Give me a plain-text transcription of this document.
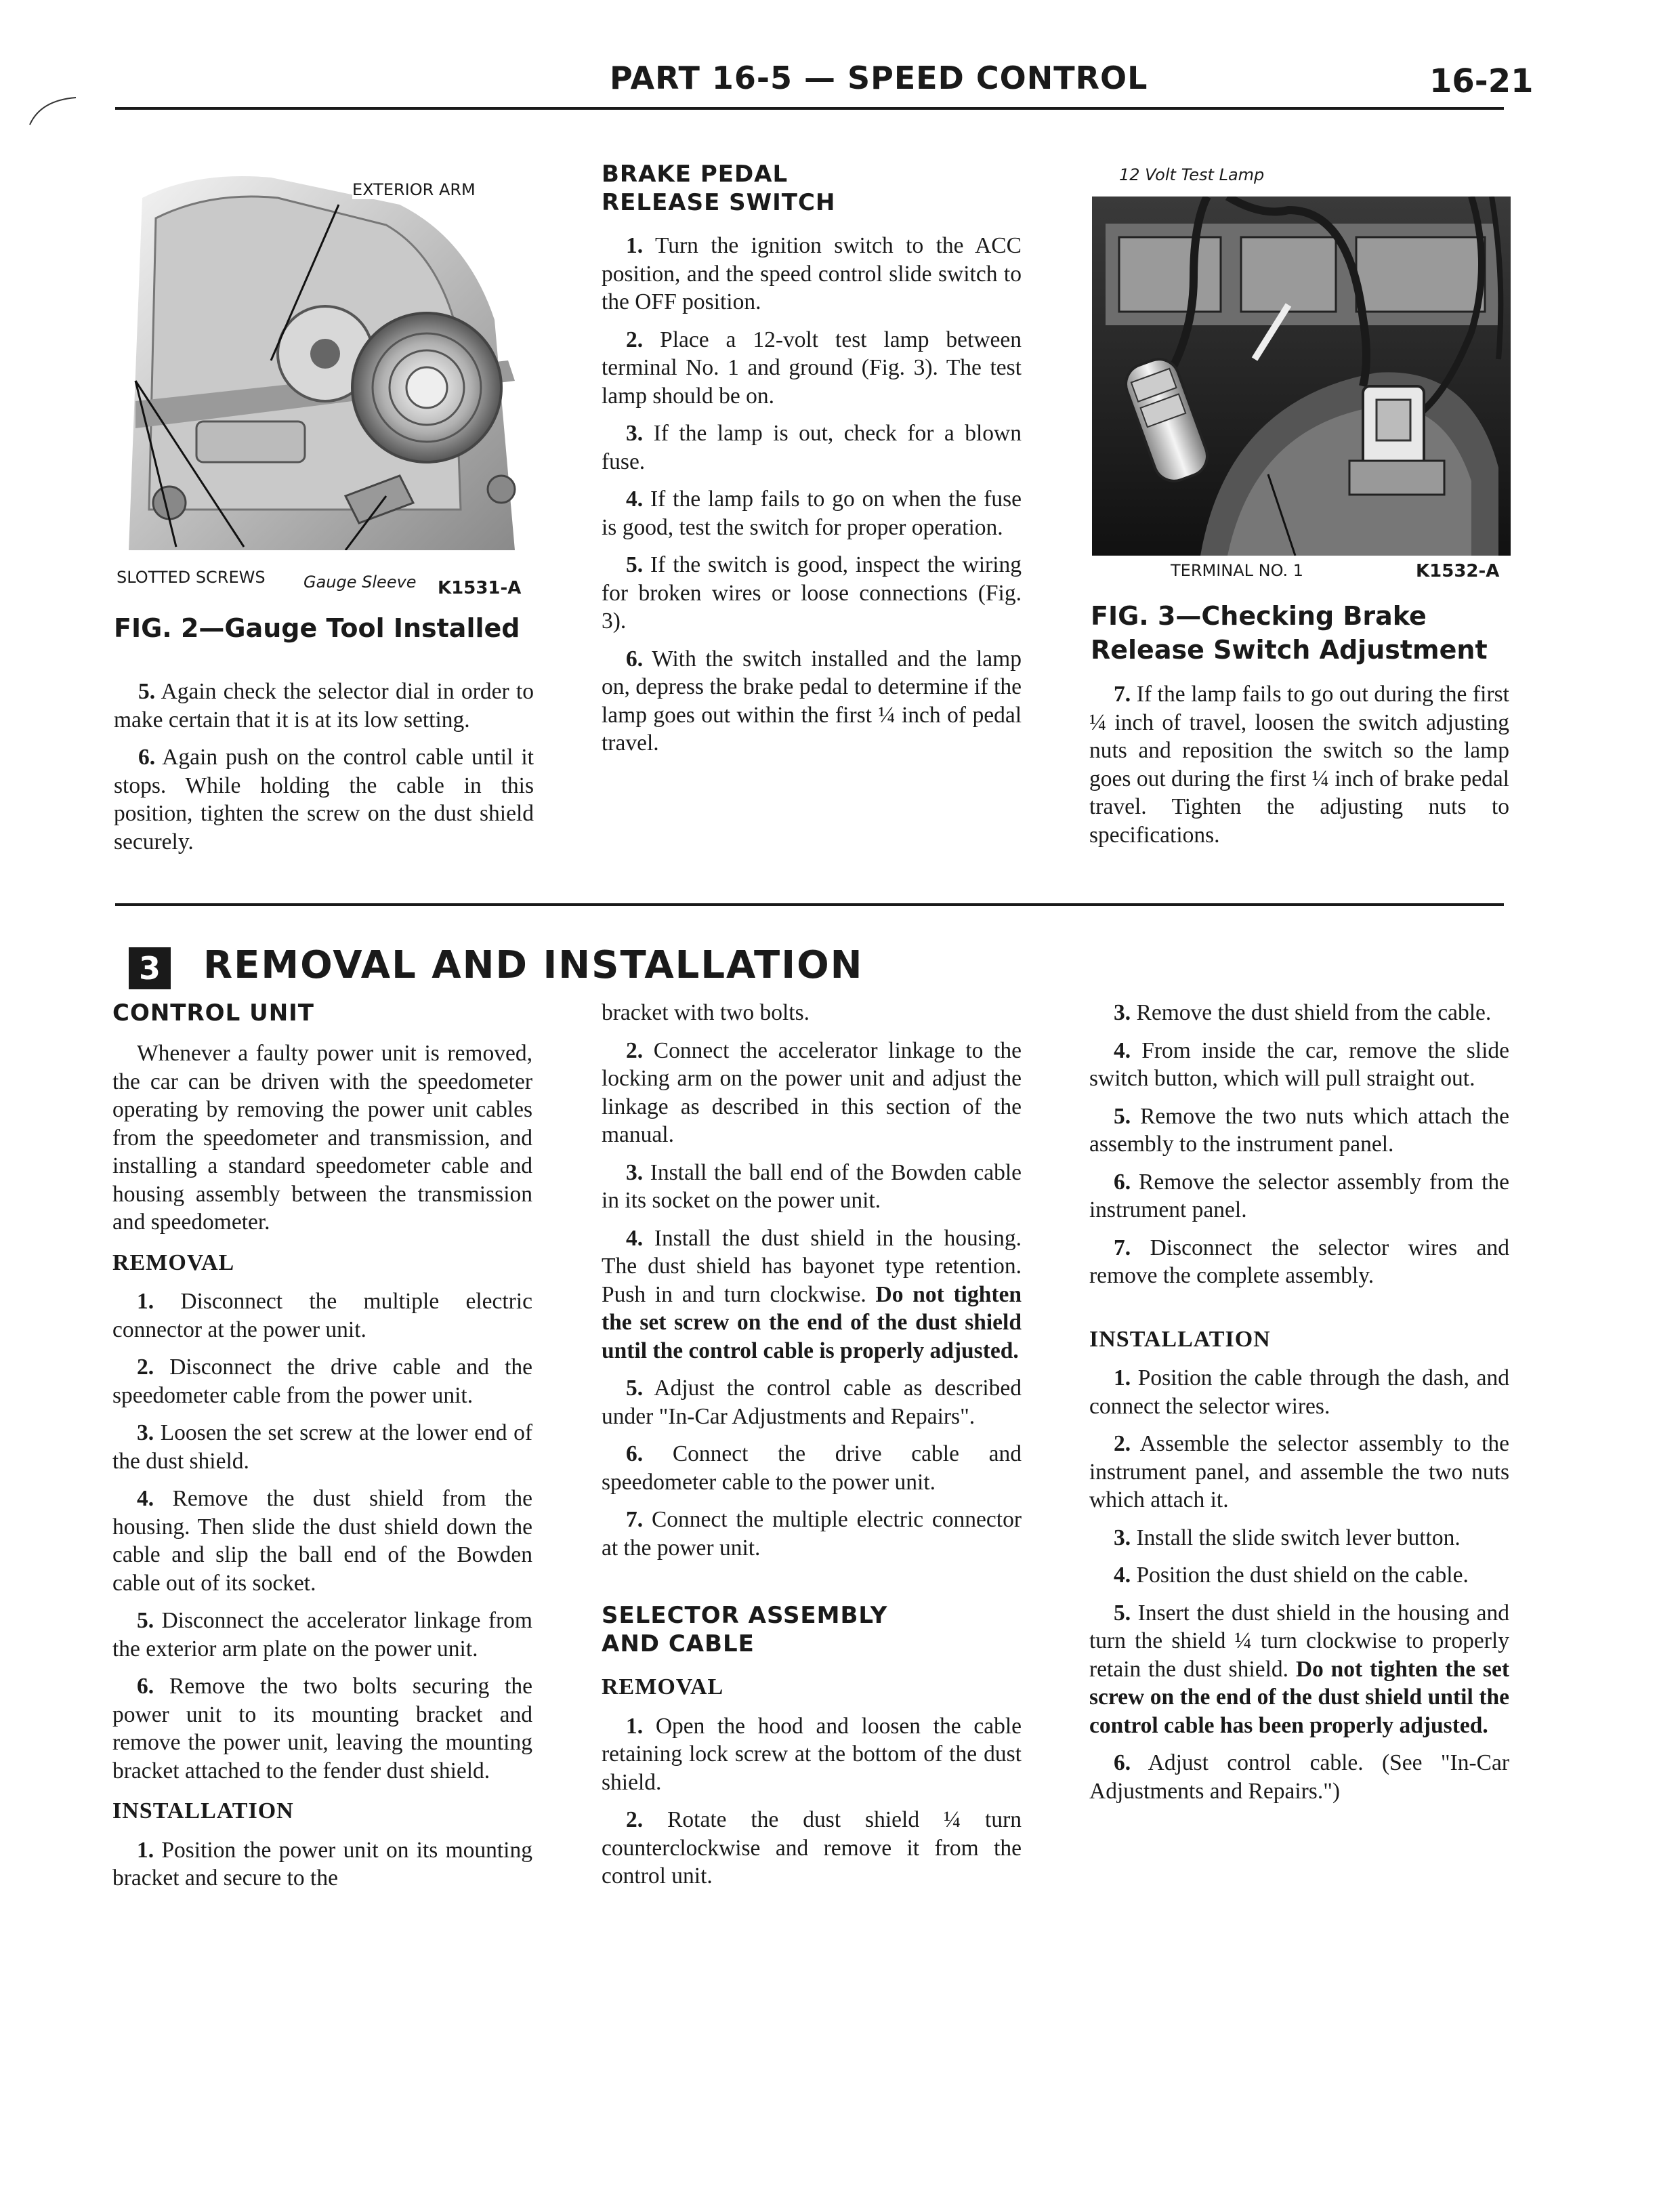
PART 16-5 — SPEED CONTROL	16-21
EXTERIOR ARM
SLOTTED SCREWS Gauge Sleeve K1531-A
FIG. 2—Gauge Tool Installed

5. Again check the selector dial in order to make certain that it is at its low setting.

6. Again push on the control cable until it stops. While holding the cable in this position, tighten the screw on the dust shield securely.

BRAKE PEDAL
RELEASE SWITCH

1. Turn the ignition switch to the ACC position, and the speed control slide switch to the OFF position.

2. Place a 12-volt test lamp between terminal No. 1 and ground (Fig. 3). The test lamp should be on.

3. If the lamp is out, check for a blown fuse.

4. If the lamp fails to go on when the fuse is good, test the switch for proper operation.

5. If the switch is good, inspect the wiring for broken wires or loose connections (Fig. 3).

6. With the switch installed and the lamp on, depress the brake pedal to determine if the lamp goes out within the first ¼ inch of pedal travel.

12 Volt Test Lamp
TERMINAL NO. 1	K1532-A
FIG. 3—Checking Brake Release Switch Adjustment

7. If the lamp fails to go out during the first ¼ inch of travel, loosen the switch adjusting nuts and reposition the switch so the lamp goes out during the first ¼ inch of brake pedal travel. Tighten the adjusting nuts to specifications.

3 REMOVAL AND INSTALLATION
CONTROL UNIT

Whenever a faulty power unit is removed, the car can be driven with the speedometer operating by removing the power unit cables from the speedometer and transmission, and installing a standard speedometer cable and housing assembly between the transmission and speedometer.

REMOVAL

1. Disconnect the multiple electric connector at the power unit.

2. Disconnect the drive cable and the speedometer cable from the power unit.

3. Loosen the set screw at the lower end of the dust shield.

4. Remove the dust shield from the housing. Then slide the dust shield down the cable and slip the ball end of the Bowden cable out of its socket.

5. Disconnect the accelerator linkage from the exterior arm plate on the power unit.

6. Remove the two bolts securing the power unit to its mounting bracket and remove the power unit, leaving the mounting bracket attached to the fender dust shield.

INSTALLATION

1. Position the power unit on its mounting bracket and secure to the

bracket with two bolts.

2. Connect the accelerator linkage to the locking arm on the power unit and adjust the linkage as described in this section of the manual.

3. Install the ball end of the Bowden cable in its socket on the power unit.

4. Install the dust shield in the housing. The dust shield has bayonet type retention. Push in and turn clockwise. Do not tighten the set screw on the end of the dust shield until the control cable is properly adjusted.

5. Adjust the control cable as described under "In-Car Adjustments and Repairs".

6. Connect the drive cable and speedometer cable to the power unit.

7. Connect the multiple electric connector at the power unit.

SELECTOR ASSEMBLY
AND CABLE
REMOVAL

1. Open the hood and loosen the cable retaining lock screw at the bottom of the dust shield.

2. Rotate the dust shield ¼ turn counterclockwise and remove it from the control unit.

3. Remove the dust shield from the cable.

4. From inside the car, remove the slide switch button, which will pull straight out.

5. Remove the two nuts which attach the assembly to the instrument panel.

6. Remove the selector assembly from the instrument panel.

7. Disconnect the selector wires and remove the complete assembly.

INSTALLATION

1. Position the cable through the dash, and connect the selector wires.

2. Assemble the selector assembly to the instrument panel, and assemble the two nuts which attach it.

3. Install the slide switch lever button.

4. Position the dust shield on the cable.

5. Insert the dust shield in the housing and turn the shield ¼ turn clockwise to properly retain the dust shield. Do not tighten the set screw on the end of the dust shield until the control cable has been properly adjusted.

6. Adjust control cable. (See "In-Car Adjustments and Repairs.")
